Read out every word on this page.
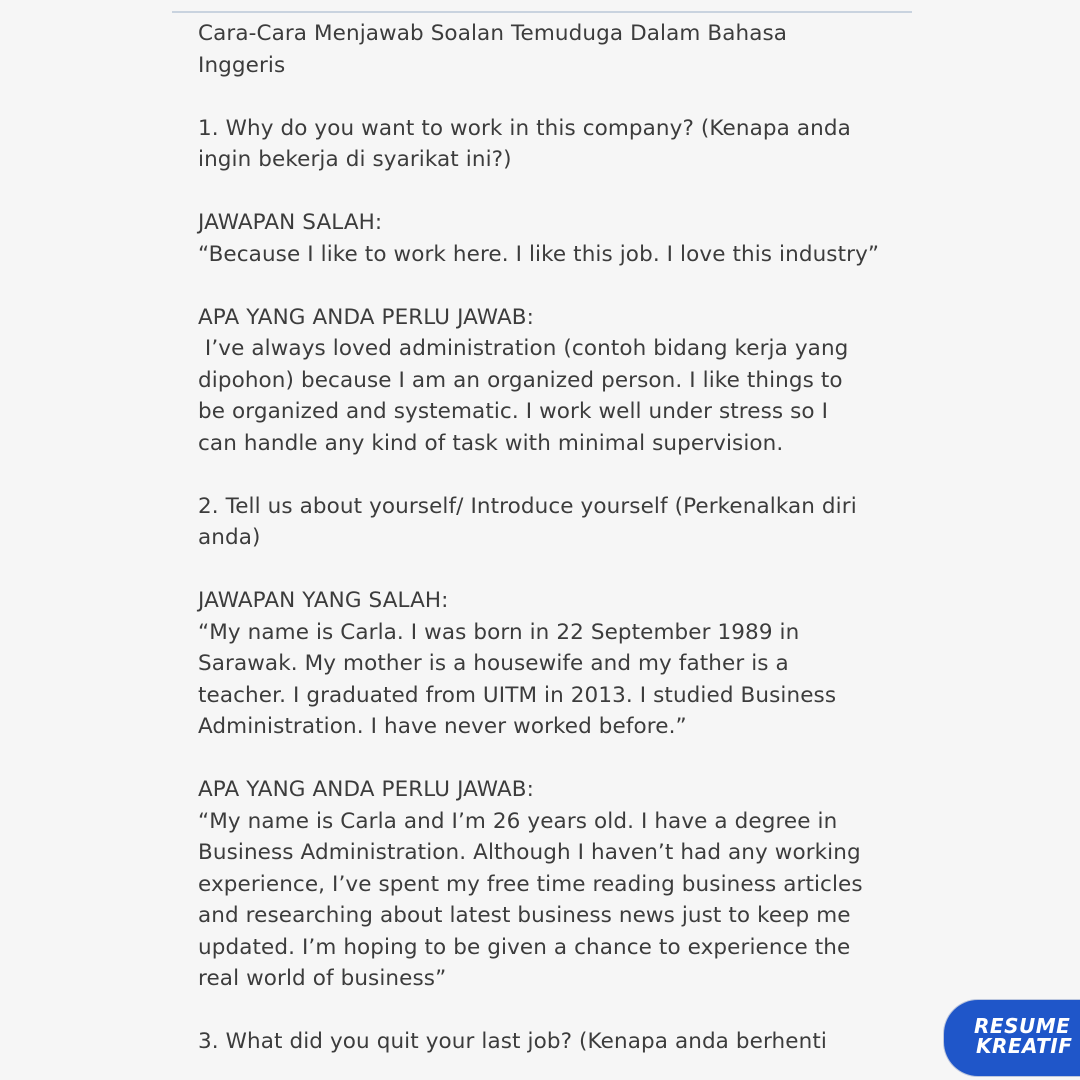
Cara-Cara Menjawab Soalan Temuduga Dalam Bahasa
Inggeris
1. Why do you want to work in this company? (Kenapa anda
ingin bekerja di syarikat ini?)
JAWAPAN SALAH:
“Because I like to work here. I like this job. I love this industry”
APA YANG ANDA PERLU JAWAB:
I’ve always loved administration (contoh bidang kerja yang
dipohon) because I am an organized person. I like things to
be organized and systematic. I work well under stress so I
can handle any kind of task with minimal supervision.
2. Tell us about yourself/ Introduce yourself (Perkenalkan diri
anda)
JAWAPAN YANG SALAH:
“My name is Carla. I was born in 22 September 1989 in
Sarawak. My mother is a housewife and my father is a
teacher. I graduated from UITM in 2013. I studied Business
Administration. I have never worked before.”
APA YANG ANDA PERLU JAWAB:
“My name is Carla and I’m 26 years old. I have a degree in
Business Administration. Although I haven’t had any working
experience, I’ve spent my free time reading business articles
and researching about latest business news just to keep me
updated. I’m hoping to be given a chance to experience the
real world of business”
3. What did you quit your last job? (Kenapa anda berhenti
RESUME
KREATIF
